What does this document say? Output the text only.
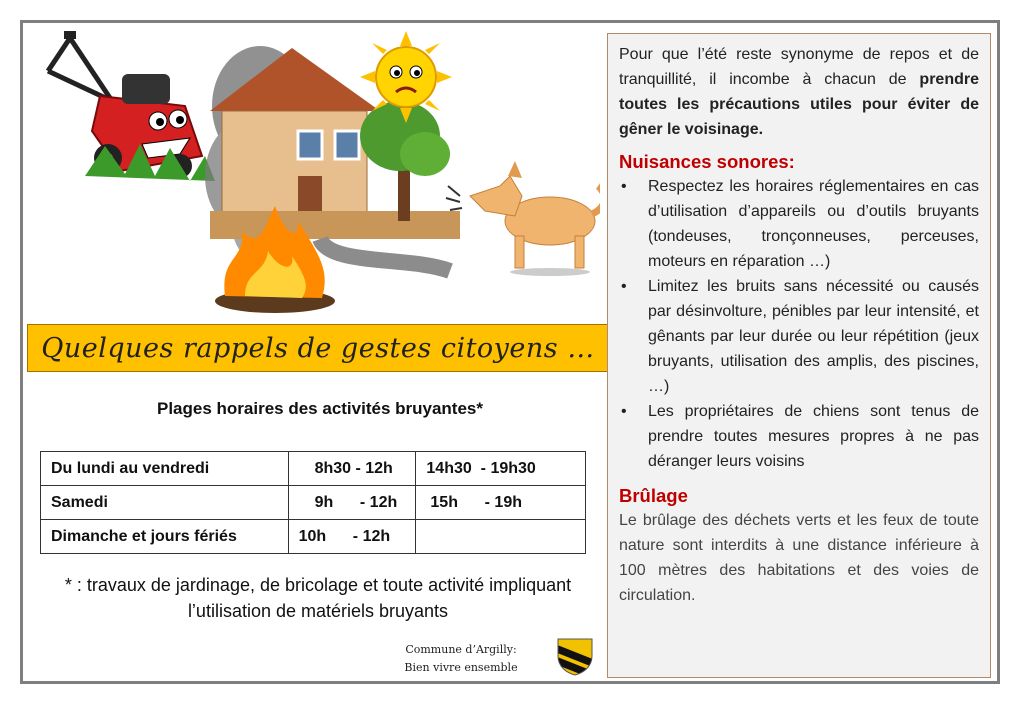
Quelques rappels de gestes citoyens …
Plages horaires des activités bruyantes*
Du lundi au vendredi	8h30 - 12h	14h30  - 19h30
Samedi	9h      - 12h	15h      - 19h
Dimanche et jours fériés	10h      - 12h	
* : travaux de jardinage, de bricolage et toute activité impliquant l’utilisation de matériels bruyants
Commune d’Argilly:
Bien vivre ensemble

Pour que l’été reste synonyme de repos et de tranquillité, il incombe à chacun de prendre toutes les précautions utiles pour éviter de gêner le voisinage.

Nuisances sonores:
• Respectez les horaires réglementaires en cas d’utilisation d’appareils ou d’outils bruyants (tondeuses, tronçonneuses, perceuses, moteurs en réparation …)
• Limitez les bruits sans nécessité ou causés par désinvolture, pénibles par leur intensité, et gênants par leur durée ou leur répétition (jeux bruyants, utilisation des amplis, des piscines, …)
• Les propriétaires de chiens sont tenus de prendre toutes mesures propres à ne pas déranger leurs voisins
Brûlage

Le brûlage des déchets verts et les feux de toute nature sont interdits à une distance inférieure à 100 mètres des habitations et des voies de circulation.
